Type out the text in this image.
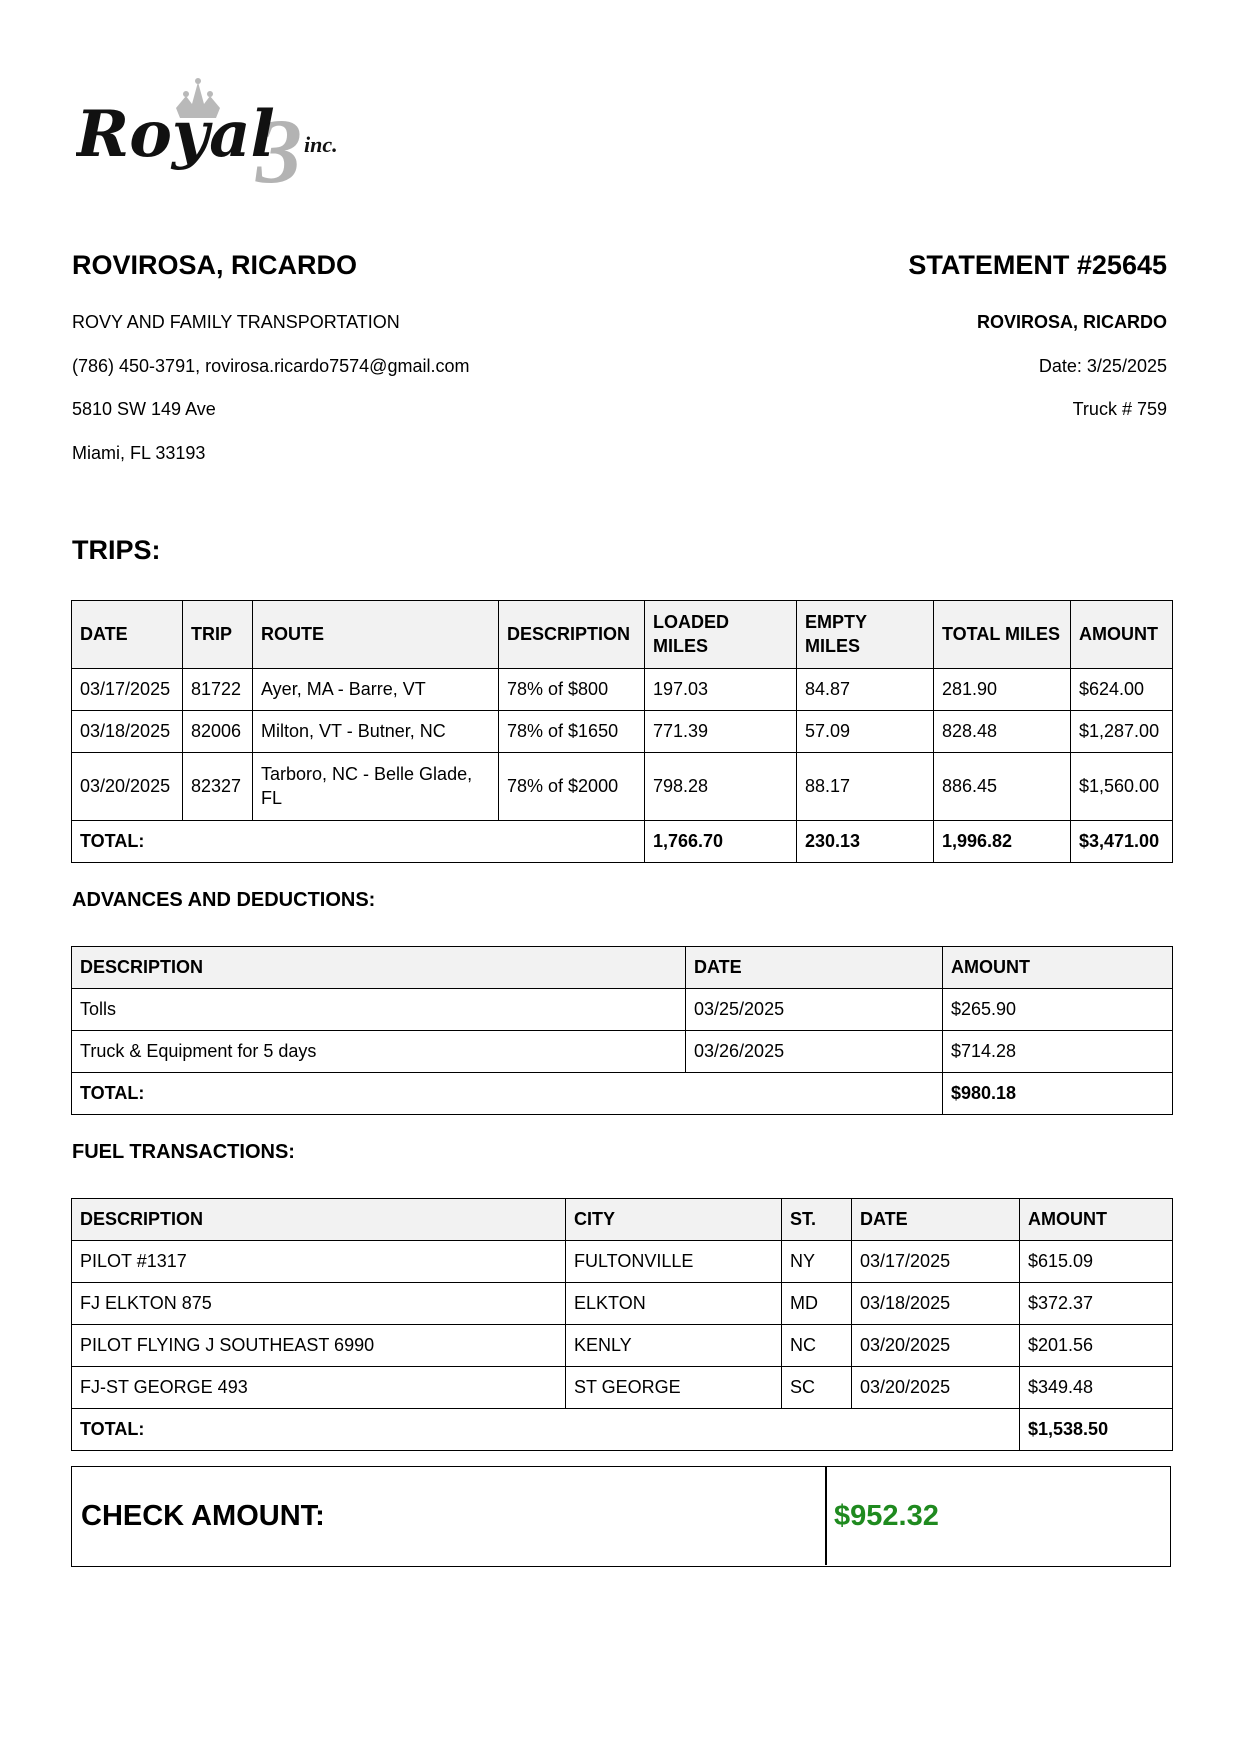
3
Royal inc.
ROVIROSA, RICARDO	STATEMENT #25645
ROVY AND FAMILY TRANSPORTATION
(786) 450-3791, rovirosa.ricardo7574@gmail.com
5810 SW 149 Ave
Miami, FL 33193
ROVIROSA, RICARDO
Date: 3/25/2025
Truck # 759
TRIPS:
DATE	TRIP	ROUTE	DESCRIPTION	LOADED MILES	EMPTY MILES	TOTAL MILES	AMOUNT
03/17/2025	81722	Ayer, MA - Barre, VT	78% of $800	197.03	84.87	281.90	$624.00
03/18/2025	82006	Milton, VT - Butner, NC	78% of $1650	771.39	57.09	828.48	$1,287.00
03/20/2025	82327	Tarboro, NC - Belle Glade, FL	78% of $2000	798.28	88.17	886.45	$1,560.00
TOTAL:				1,766.70	230.13	1,996.82	$3,471.00
ADVANCES AND DEDUCTIONS:
DESCRIPTION	DATE	AMOUNT
Tolls	03/25/2025	$265.90
Truck & Equipment for 5 days	03/26/2025	$714.28
TOTAL:		$980.18
FUEL TRANSACTIONS:
DESCRIPTION	CITY	ST.	DATE	AMOUNT
PILOT #1317	FULTONVILLE	NY	03/17/2025	$615.09
FJ ELKTON 875	ELKTON	MD	03/18/2025	$372.37
PILOT FLYING J SOUTHEAST 6990	KENLY	NC	03/20/2025	$201.56
FJ-ST GEORGE 493	ST GEORGE	SC	03/20/2025	$349.48
TOTAL:				$1,538.50
CHECK AMOUNT:	$952.32
